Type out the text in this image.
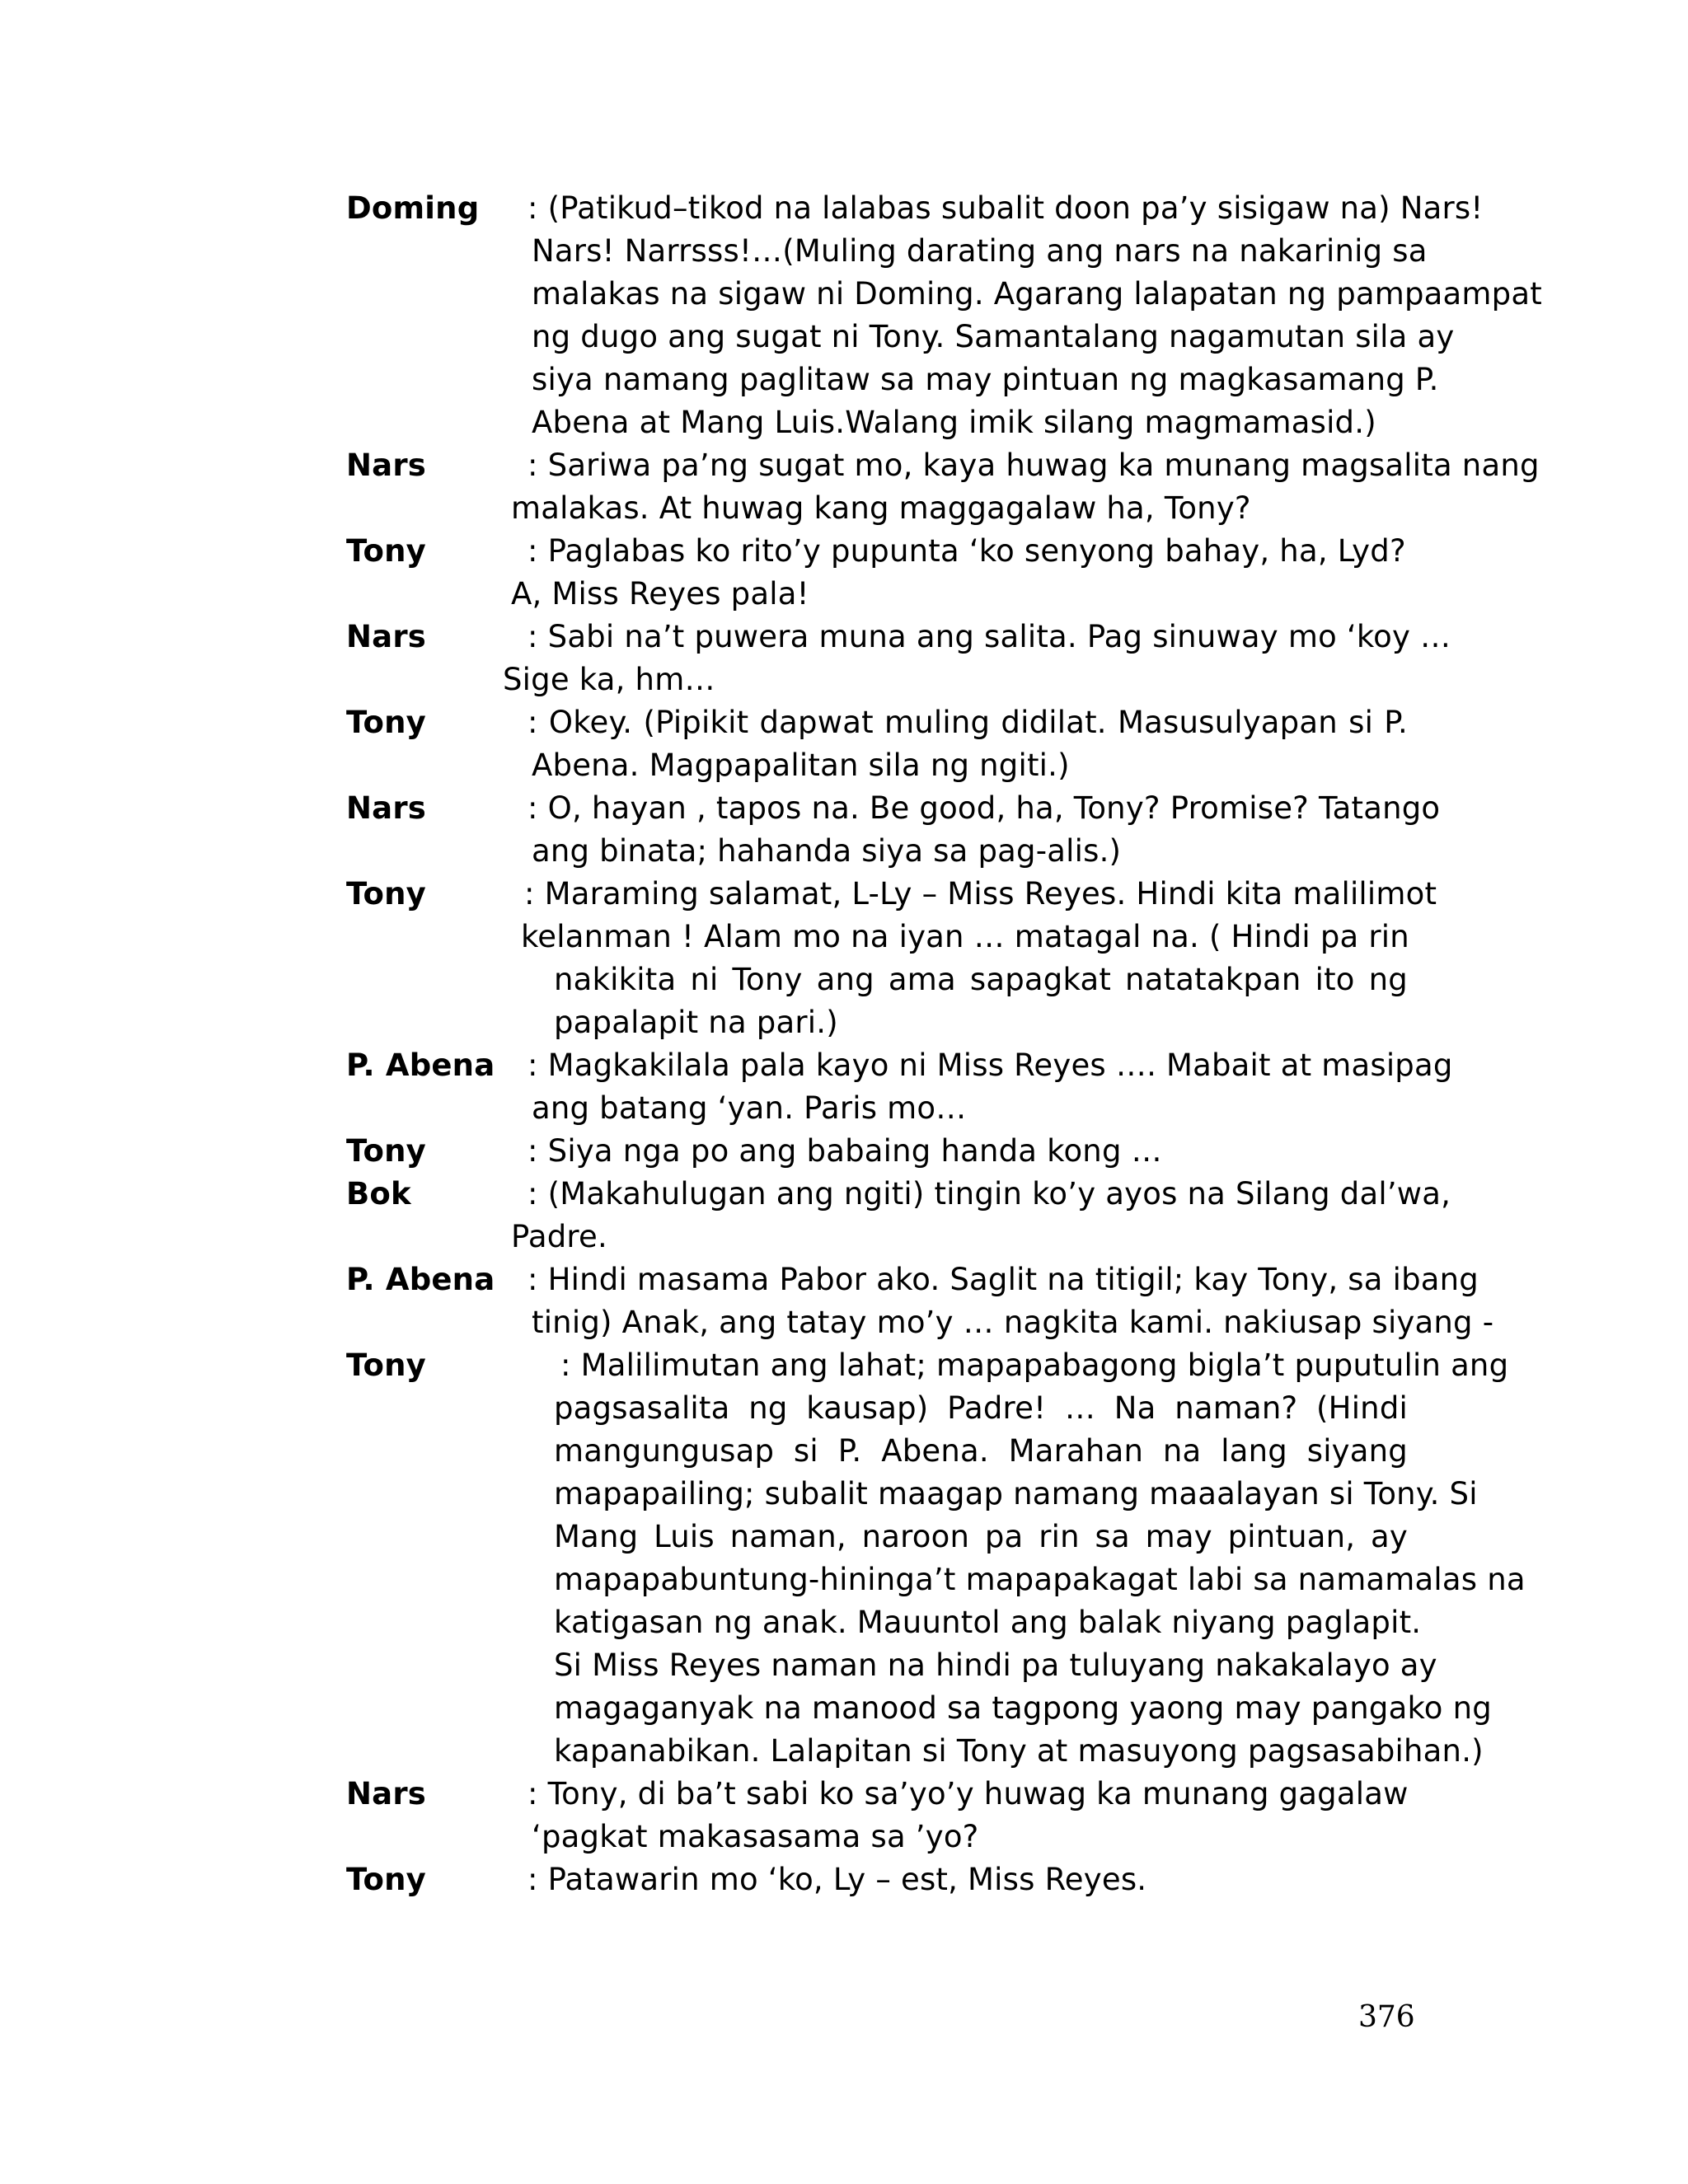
Doming : (Patikud–tikod na lalabas subalit doon pa’y sisigaw na) Nars!
Nars! Narrsss!…(Muling darating ang nars na nakarinig sa
malakas na sigaw ni Doming. Agarang lalapatan ng pampaampat
ng dugo ang sugat ni Tony. Samantalang nagamutan sila ay
siya namang paglitaw sa may pintuan ng magkasamang P.
Abena at Mang Luis.Walang imik silang magmamasid.)
Nars	: Sariwa pa’ng sugat mo, kaya huwag ka munang magsalita nang
malakas. At huwag kang maggagalaw ha, Tony?
Tony	: Paglabas ko rito’y pupunta ‘ko senyong bahay, ha, Lyd?
A, Miss Reyes pala!
Nars	: Sabi na’t puwera muna ang salita. Pag sinuway mo ‘koy …
Sige ka, hm…
Tony	: Okey. (Pipikit dapwat muling didilat. Masusulyapan si P.
Abena. Magpapalitan sila ng ngiti.)
Nars	: O, hayan , tapos na. Be good, ha, Tony? Promise? Tatango
ang binata; hahanda siya sa pag-alis.)
Tony	: Maraming salamat, L-Ly – Miss Reyes. Hindi kita malilimot
kelanman ! Alam mo na iyan … matagal na. ( Hindi pa rin
nakikita ni Tony ang ama sapagkat natatakpan ito ng
papalapit na pari.)
P. Abena : Magkakilala pala kayo ni Miss Reyes …. Mabait at masipag
ang batang ‘yan. Paris mo…
Tony	: Siya nga po ang babaing handa kong …
Bok	: (Makahulugan ang ngiti) tingin ko’y ayos na Silang dal’wa,
Padre.
P. Abena : Hindi masama Pabor ako. Saglit na titigil; kay Tony, sa ibang
tinig) Anak, ang tatay mo’y … nagkita kami. nakiusap siyang -
Tony	: Malilimutan ang lahat; mapapabagong bigla’t puputulin ang
pagsasalita ng kausap) Padre! … Na naman? (Hindi
mangungusap si P. Abena. Marahan na lang siyang
mapapailing; subalit maagap namang maaalayan si Tony. Si
Mang Luis naman, naroon pa rin sa may pintuan, ay
mapapabuntung-hininga’t mapapakagat labi sa namamalas na
katigasan ng anak. Mauuntol ang balak niyang paglapit.
Si Miss Reyes naman na hindi pa tuluyang nakakalayo ay
magaganyak na manood sa tagpong yaong may pangako ng
kapanabikan. Lalapitan si Tony at masuyong pagsasabihan.)
Nars	: Tony, di ba’t sabi ko sa’yo’y huwag ka munang gagalaw
‘pagkat makasasama sa ’yo?
Tony	: Patawarin mo ‘ko, Ly – est, Miss Reyes.
376
